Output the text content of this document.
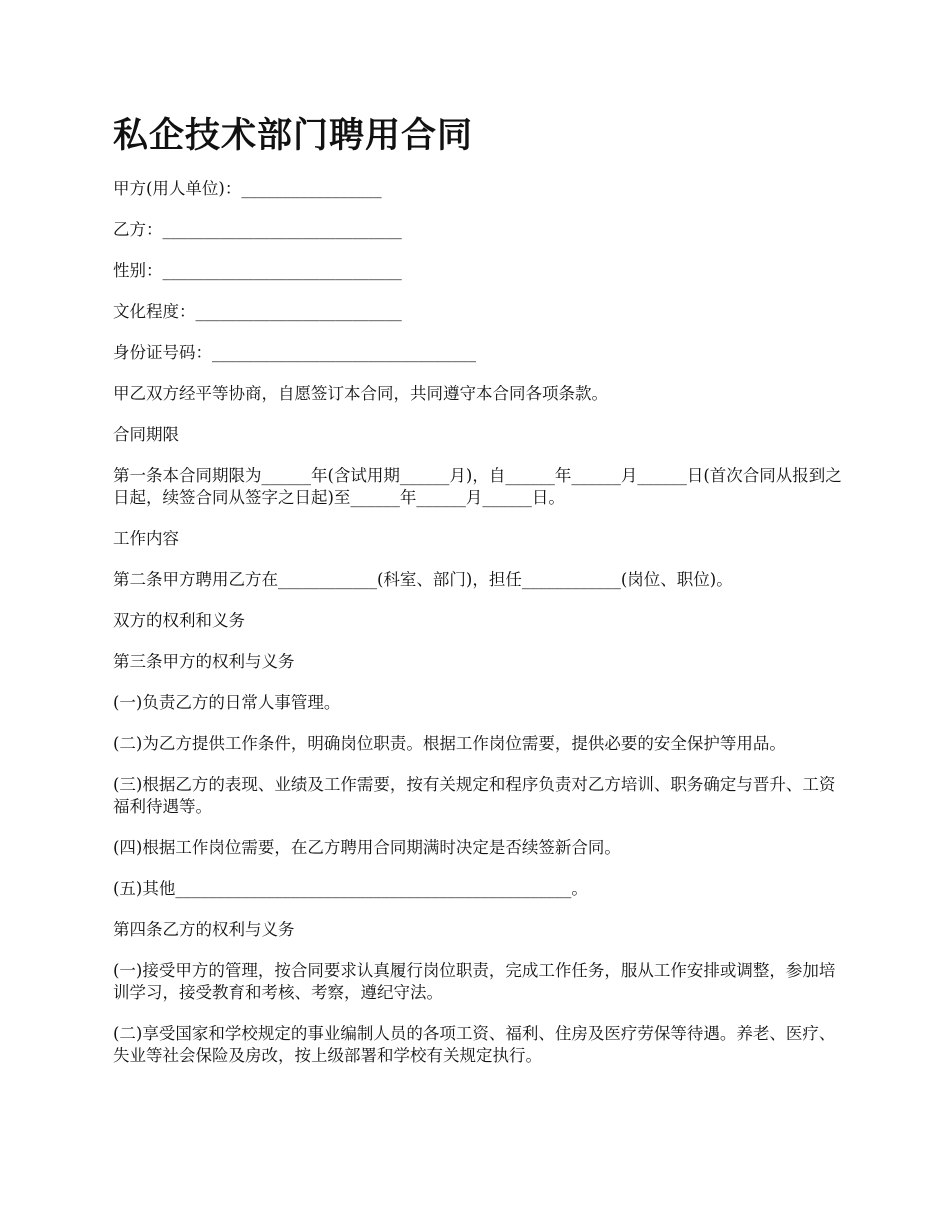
私企技术部门聘用合同

甲方(用人单位)：_________________

乙方：_____________________________

性别：_____________________________

文化程度：_________________________

身份证号码：________________________________

甲乙双方经平等协商，自愿签订本合同，共同遵守本合同各项条款。

合同期限

第一条本合同期限为______年(含试用期______月)，自______年______月______日(首次合同从报到之日起，续签合同从签字之日起)至______年______月______日。

工作内容

第二条甲方聘用乙方在____________(科室、部门)，担任____________(岗位、职位)。

双方的权利和义务

第三条甲方的权利与义务

(一)负责乙方的日常人事管理。

(二)为乙方提供工作条件，明确岗位职责。根据工作岗位需要，提供必要的安全保护等用品。

(三)根据乙方的表现、业绩及工作需要，按有关规定和程序负责对乙方培训、职务确定与晋升、工资福利待遇等。

(四)根据工作岗位需要，在乙方聘用合同期满时决定是否续签新合同。

(五)其他________________________________________________。

第四条乙方的权利与义务

(一)接受甲方的管理，按合同要求认真履行岗位职责，完成工作任务，服从工作安排或调整，参加培训学习，接受教育和考核、考察，遵纪守法。

(二)享受国家和学校规定的事业编制人员的各项工资、福利、住房及医疗劳保等待遇。养老、医疗、失业等社会保险及房改，按上级部署和学校有关规定执行。
